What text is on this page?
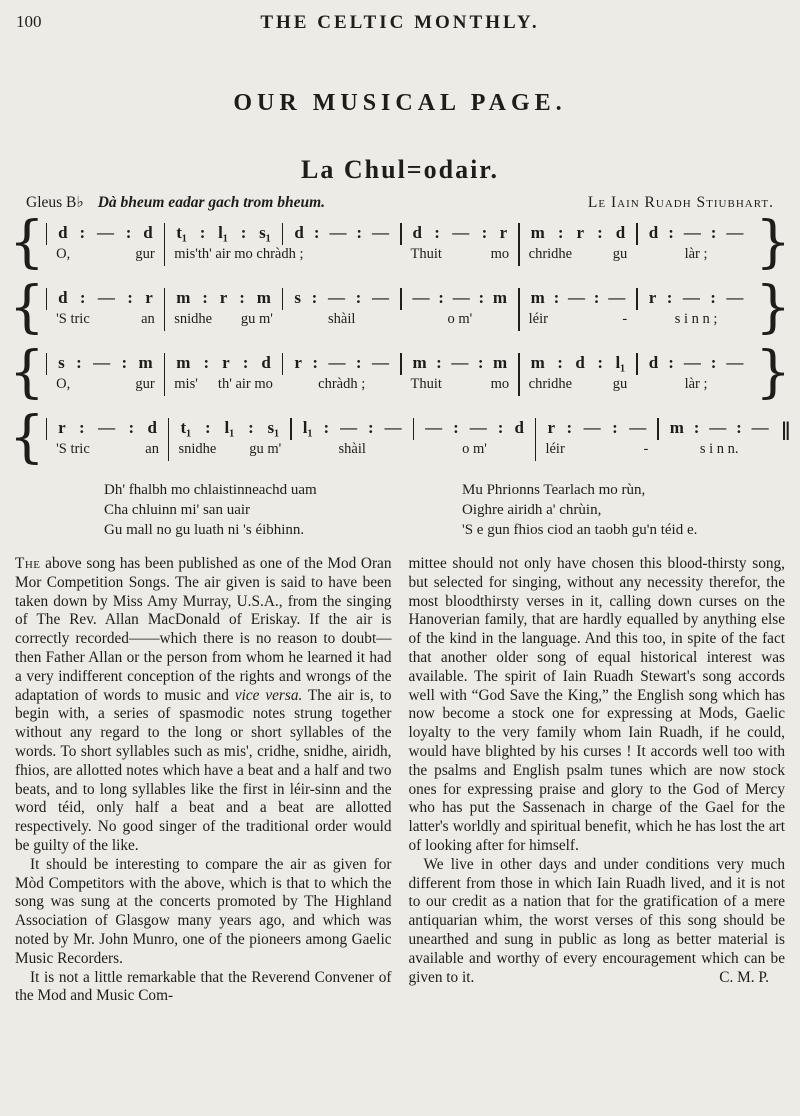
100	THE CELTIC MONTHLY.
OUR MUSICAL PAGE.
La Chul=odair.
Gleus B♭ Dà bheum eadar gach trom bheum.	Le Iain Ruadh Stiubhart.
{ d : — : d
O,	gur
t₁ : l₁ : s₁
mis' th' air mo chràdh ;
d : — : — d : — : r
Thuit	mo
m : r : d
chridhe	gu
d : — : —
làr ; }
{ d : — : r
'S tric	an
m : r : m
snidhe gu m'
s : — : —
shàil
— : — : m
o m'
m : — : —
léir	-
r : — : —
s i n n ; }
{ s : — : m
O,	gur
m : r : d
mis' th' air mo
r : — : —
chràdh ;
m : — : m
Thuit	mo
m : d : l₁
chridhe	gu
d : — : —
làr ; }
{ r : — : d
'S tric	an
t₁ : l₁ : s₁
snidhe gu m'
l₁ : — : —
shàil
— : — : d
o m'
r : — : —
léir	-
m : — : —
s i n n.
‖
Dh' fhalbh mo chlaistinneachd uam
Cha chluinn mi' san uair
Gu mall no gu luath ni 's éibhinn.
Mu Phrionns Tearlach mo rùn,
Oighre airidh a' chrùin,
'S e gun fhios ciod an taobh gu'n téid e.

The above song has been published as one of the Mod Oran Mor Competition Songs. The air given is said to have been taken down by Miss Amy Murray, U.S.A., from the singing of The Rev. Allan MacDonald of Eriskay. If the air is correctly recorded——which there is no reason to doubt—then Father Allan or the person from whom he learned it had a very indifferent conception of the rights and wrongs of the adaptation of words to music and vice versa. The air is, to begin with, a series of spasmodic notes strung together without any regard to the long or short syllables of the words. To short syllables such as mis', cridhe, snidhe, airidh, fhios, are allotted notes which have a beat and a half and two beats, and to long syllables like the first in léir-sinn and the word téid, only half a beat and a beat are allotted respectively. No good singer of the traditional order would be guilty of the like.

It should be interesting to compare the air as given for Mòd Competitors with the above, which is that to which the song was sung at the concerts promoted by The Highland Association of Glasgow many years ago, and which was noted by Mr. John Munro, one of the pioneers among Gaelic Music Recorders.

It is not a little remarkable that the Reverend Convener of the Mod and Music Com-

mittee should not only have chosen this blood-thirsty song, but selected for singing, without any necessity therefor, the most bloodthirsty verses in it, calling down curses on the Hanoverian family, that are hardly equalled by anything else of the kind in the language. And this too, in spite of the fact that another older song of equal historical interest was available. The spirit of Iain Ruadh Stewart's song accords well with “God Save the King,” the English song which has now become a stock one for expressing at Mods, Gaelic loyalty to the very family whom Iain Ruadh, if he could, would have blighted by his curses ! It accords well too with the psalms and English psalm tunes which are now stock ones for expressing praise and glory to the God of Mercy who has put the Sassenach in charge of the Gael for the latter's worldly and spiritual benefit, which he has lost the art of looking after for himself.

We live in other days and under conditions very much different from those in which Iain Ruadh lived, and it is not to our credit as a nation that for the gratification of a mere antiquarian whim, the worst verses of this song should be unearthed and sung in public as long as better material is available and worthy of every encouragement which can be given to it.	C. M. P.
